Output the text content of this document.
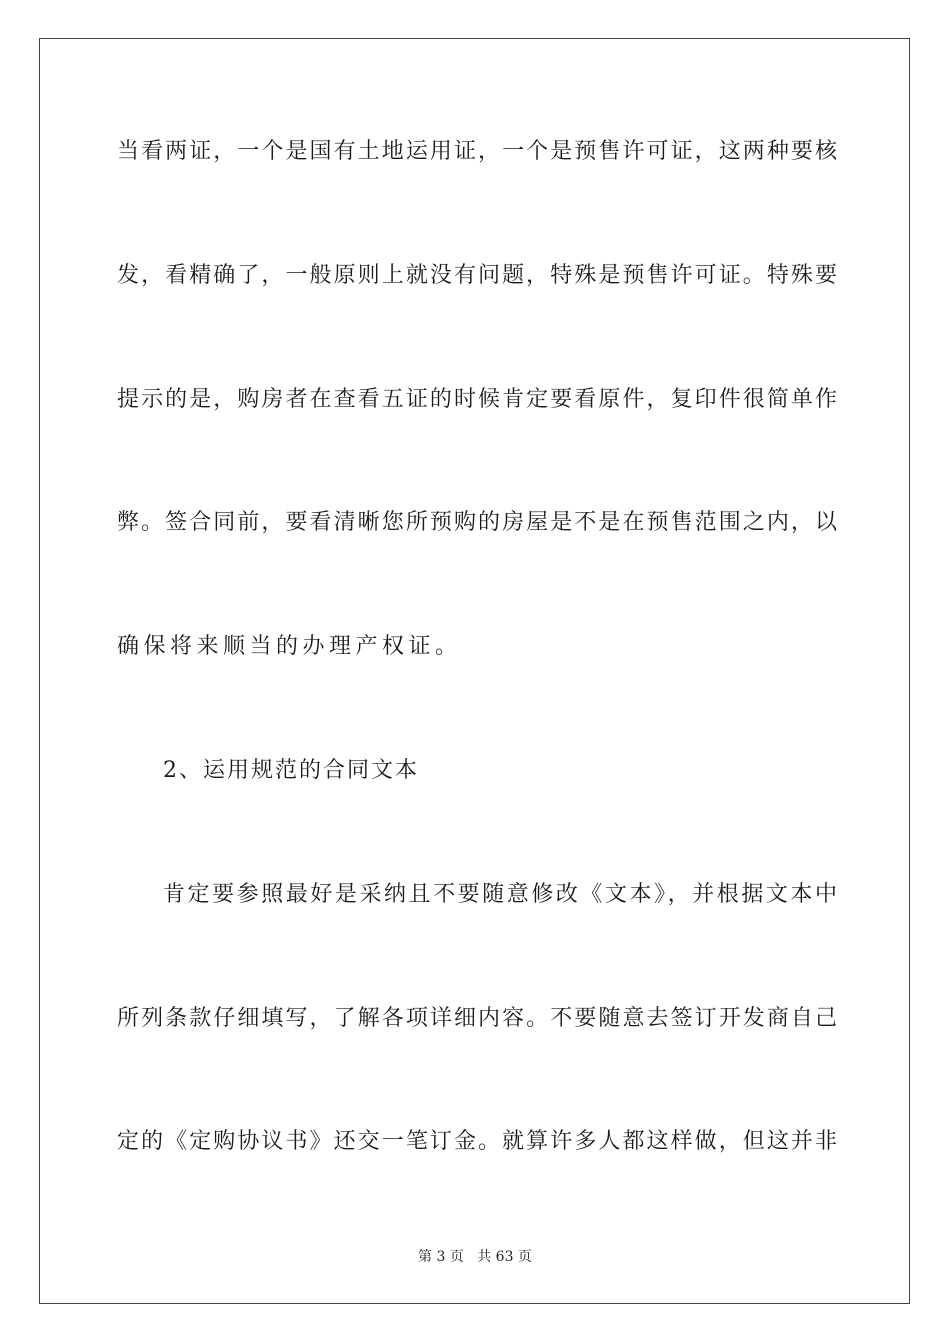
当看两证，一个是国有土地运用证，一个是预售许可证，这两种要核
发，看精确了，一般原则上就没有问题，特殊是预售许可证。特殊要
提示的是，购房者在查看五证的时候肯定要看原件，复印件很简单作
弊。签合同前，要看清晰您所预购的房屋是不是在预售范围之内，以
确保将来顺当的办理产权证。
2、运用规范的合同文本
肯定要参照最好是采纳且不要随意修改《文本》，并根据文本中
所列条款仔细填写，了解各项详细内容。不要随意去签订开发商自己
定的《定购协议书》还交一笔订金。就算许多人都这样做，但这并非
第 3 页 共 63 页
